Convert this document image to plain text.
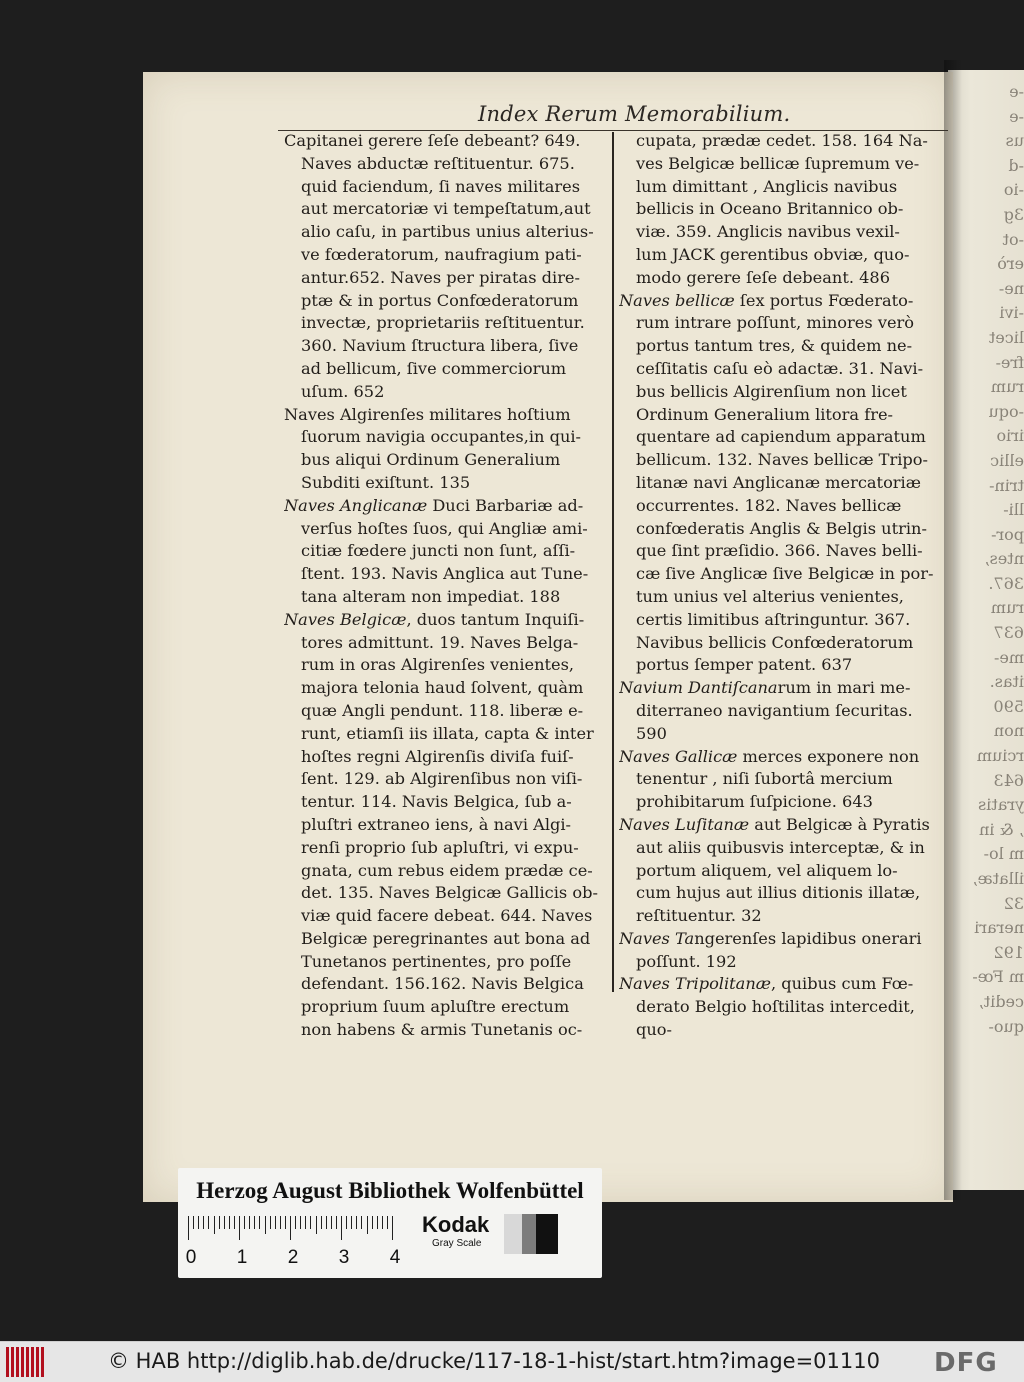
-e
-e
us
-d
-io
3g
-ot
erò
ne-
-ivi
licet
fre-
rum
-oqu
irio
ellic
trin-
lli-
por-
ntes,
367.
rum
637
me-
itas.
590
non
rcium
643
yratis
, & in
m lo-
illatæ,
32
nerari
192
m Fœ-
cedit,
quo-
Index Rerum Memorabilium.
Capitanei gerere ſeſe debeant? 649.
Naves abductæ reſtituentur. 675.
quid faciendum, ſi naves militares
aut mercatoriæ vi tempeſtatum,aut
alio caſu, in partibus unius alterius-
ve fœderatorum, naufragium pati-
antur.652. Naves per piratas dire-
ptæ & in portus Confœderatorum
invectæ, proprietariis reſtituentur.
360. Navium ſtructura libera, ſive
ad bellicum, ſive commerciorum
uſum. 652
Naves Algirenſes militares hoſtium
ſuorum navigia occupantes,in qui-
bus aliqui Ordinum Generalium
Subditi exiſtunt. 135
Naves Anglicanæ Duci Barbariæ ad-
verſus hoſtes ſuos, qui Angliæ ami-
citiæ fœdere juncti non ſunt, aſſi-
ſtent. 193. Navis Anglica aut Tune-
tana alteram non impediat. 188
Naves Belgicæ, duos tantum Inquiſi-
tores admittunt. 19. Naves Belga-
rum in oras Algirenſes venientes,
majora telonia haud ſolvent, quàm
quæ Angli pendunt. 118. liberæ e-
runt, etiamſi iis illata, capta & inter
hoſtes regni Algirenſis diviſa fuiſ-
ſent. 129. ab Algirenſibus non viſi-
tentur. 114. Navis Belgica, ſub a-
pluſtri extraneo iens, à navi Algi-
renſi proprio ſub apluſtri, vi expu-
gnata, cum rebus eidem prædæ ce-
det. 135. Naves Belgicæ Gallicis ob-
viæ quid facere debeat. 644. Naves
Belgicæ peregrinantes aut bona ad
Tunetanos pertinentes, pro poſſe
defendant. 156.162. Navis Belgica
proprium ſuum apluſtre erectum
non habens & armis Tunetanis oc-
cupata, prædæ cedet. 158. 164 Na-
ves Belgicæ bellicæ ſupremum ve-
lum dimittant , Anglicis navibus
bellicis in Oceano Britannico ob-
viæ. 359. Anglicis navibus vexil-
lum JACK gerentibus obviæ, quo-
modo gerere ſeſe debeant. 486
Naves bellicæ ſex portus Fœderato-
rum intrare poſſunt, minores verò
portus tantum tres, & quidem ne-
ceſſitatis caſu eò adactæ. 31. Navi-
bus bellicis Algirenſium non licet
Ordinum Generalium litora fre-
quentare ad capiendum apparatum
bellicum. 132. Naves bellicæ Tripo-
litanæ navi Anglicanæ mercatoriæ
occurrentes. 182. Naves bellicæ
confœderatis Anglis & Belgis utrin-
que ſint præſidio. 366. Naves belli-
cæ ſive Anglicæ ſive Belgicæ in por-
tum unius vel alterius venientes,
certis limitibus aſtringuntur. 367.
Navibus bellicis Confœderatorum
portus ſemper patent. 637
Navium Dantiſcanarum in mari me-
diterraneo navigantium ſecuritas.
590
Naves Gallicæ merces exponere non
tenentur , niſi ſubortâ mercium
prohibitarum ſuſpicione. 643
Naves Luſitanæ aut Belgicæ à Pyratis
aut aliis quibusvis interceptæ, & in
portum aliquem, vel aliquem lo-
cum hujus aut illius ditionis illatæ,
reſtituentur. 32
Naves Tangerenſes lapidibus onerari
poſſunt. 192
Naves Tripolitanæ, quibus cum Fœ-
derato Belgio hoſtilitas intercedit,
quo-
Herzog August Bibliothek Wolfenbüttel
0 1 2 3 4
Kodak
Gray Scale
© HAB http://diglib.hab.de/drucke/117-18-1-hist/start.htm?image=01110 DFG
